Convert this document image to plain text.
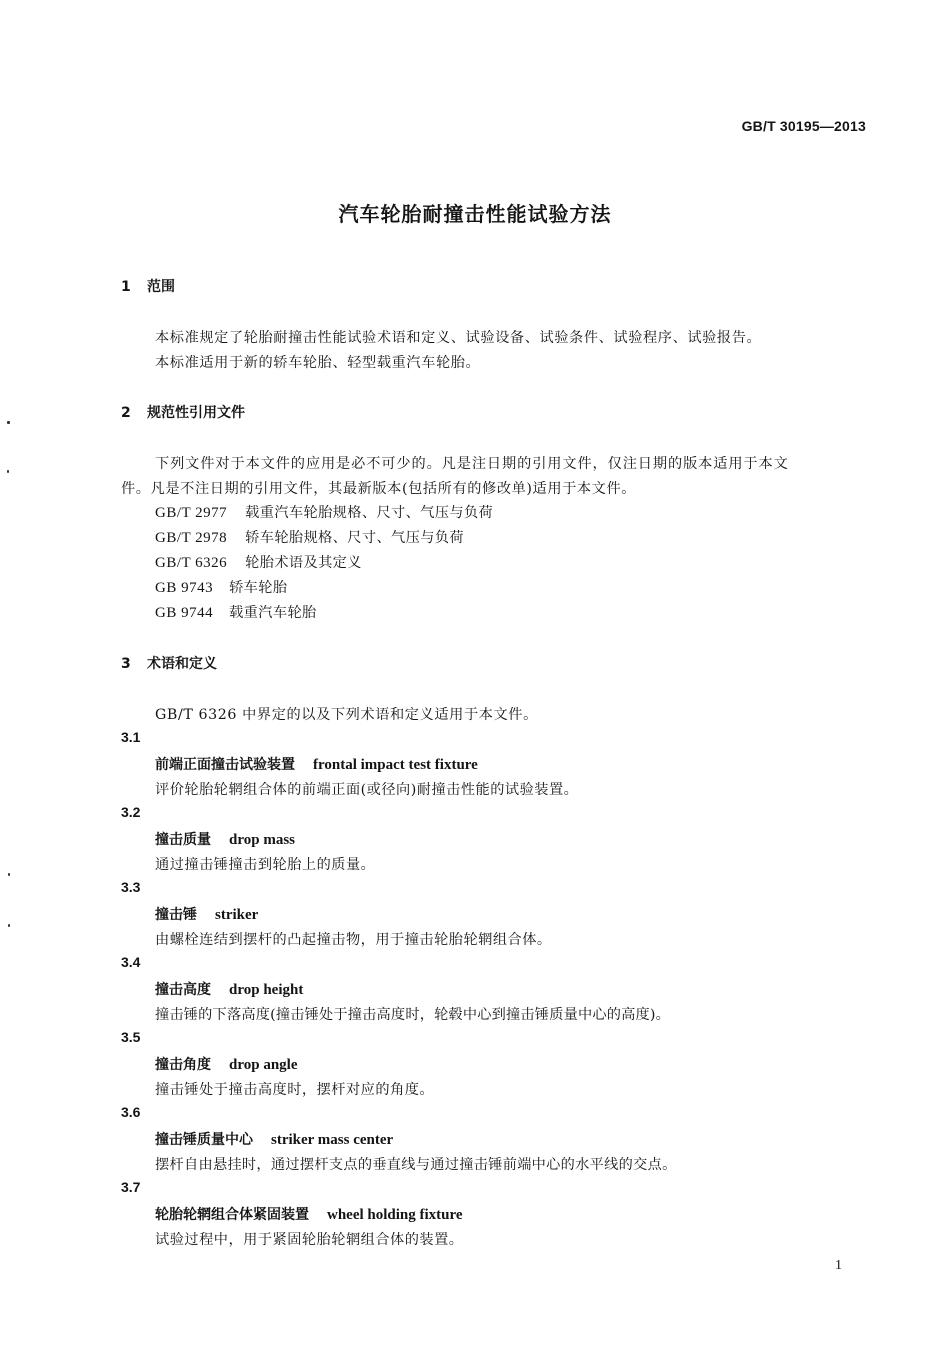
GB/T 30195—2013
汽车轮胎耐撞击性能试验方法
1 范围
本标准规定了轮胎耐撞击性能试验术语和定义、试验设备、试验条件、试验程序、试验报告。
本标准适用于新的轿车轮胎、轻型载重汽车轮胎。
2 规范性引用文件
下列文件对于本文件的应用是必不可少的。凡是注日期的引用文件，仅注日期的版本适用于本文
件。凡是不注日期的引用文件，其最新版本(包括所有的修改单)适用于本文件。
GB/T 2977 载重汽车轮胎规格、尺寸、气压与负荷
GB/T 2978 轿车轮胎规格、尺寸、气压与负荷
GB/T 6326 轮胎术语及其定义
GB 9743 轿车轮胎
GB 9744 载重汽车轮胎
3 术语和定义
GB/T 6326 中界定的以及下列术语和定义适用于本文件。
3.1
前端正面撞击试验装置 frontal impact test fixture
评价轮胎轮辋组合体的前端正面(或径向)耐撞击性能的试验装置。
3.2
撞击质量 drop mass
通过撞击锤撞击到轮胎上的质量。
3.3
撞击锤 striker
由螺栓连结到摆杆的凸起撞击物，用于撞击轮胎轮辋组合体。
3.4
撞击高度 drop height
撞击锤的下落高度(撞击锤处于撞击高度时，轮毂中心到撞击锤质量中心的高度)。
3.5
撞击角度 drop angle
撞击锤处于撞击高度时，摆杆对应的角度。
3.6
撞击锤质量中心 striker mass center
摆杆自由悬挂时，通过摆杆支点的垂直线与通过撞击锤前端中心的水平线的交点。
3.7
轮胎轮辋组合体紧固装置 wheel holding fixture
试验过程中，用于紧固轮胎轮辋组合体的装置。
1
